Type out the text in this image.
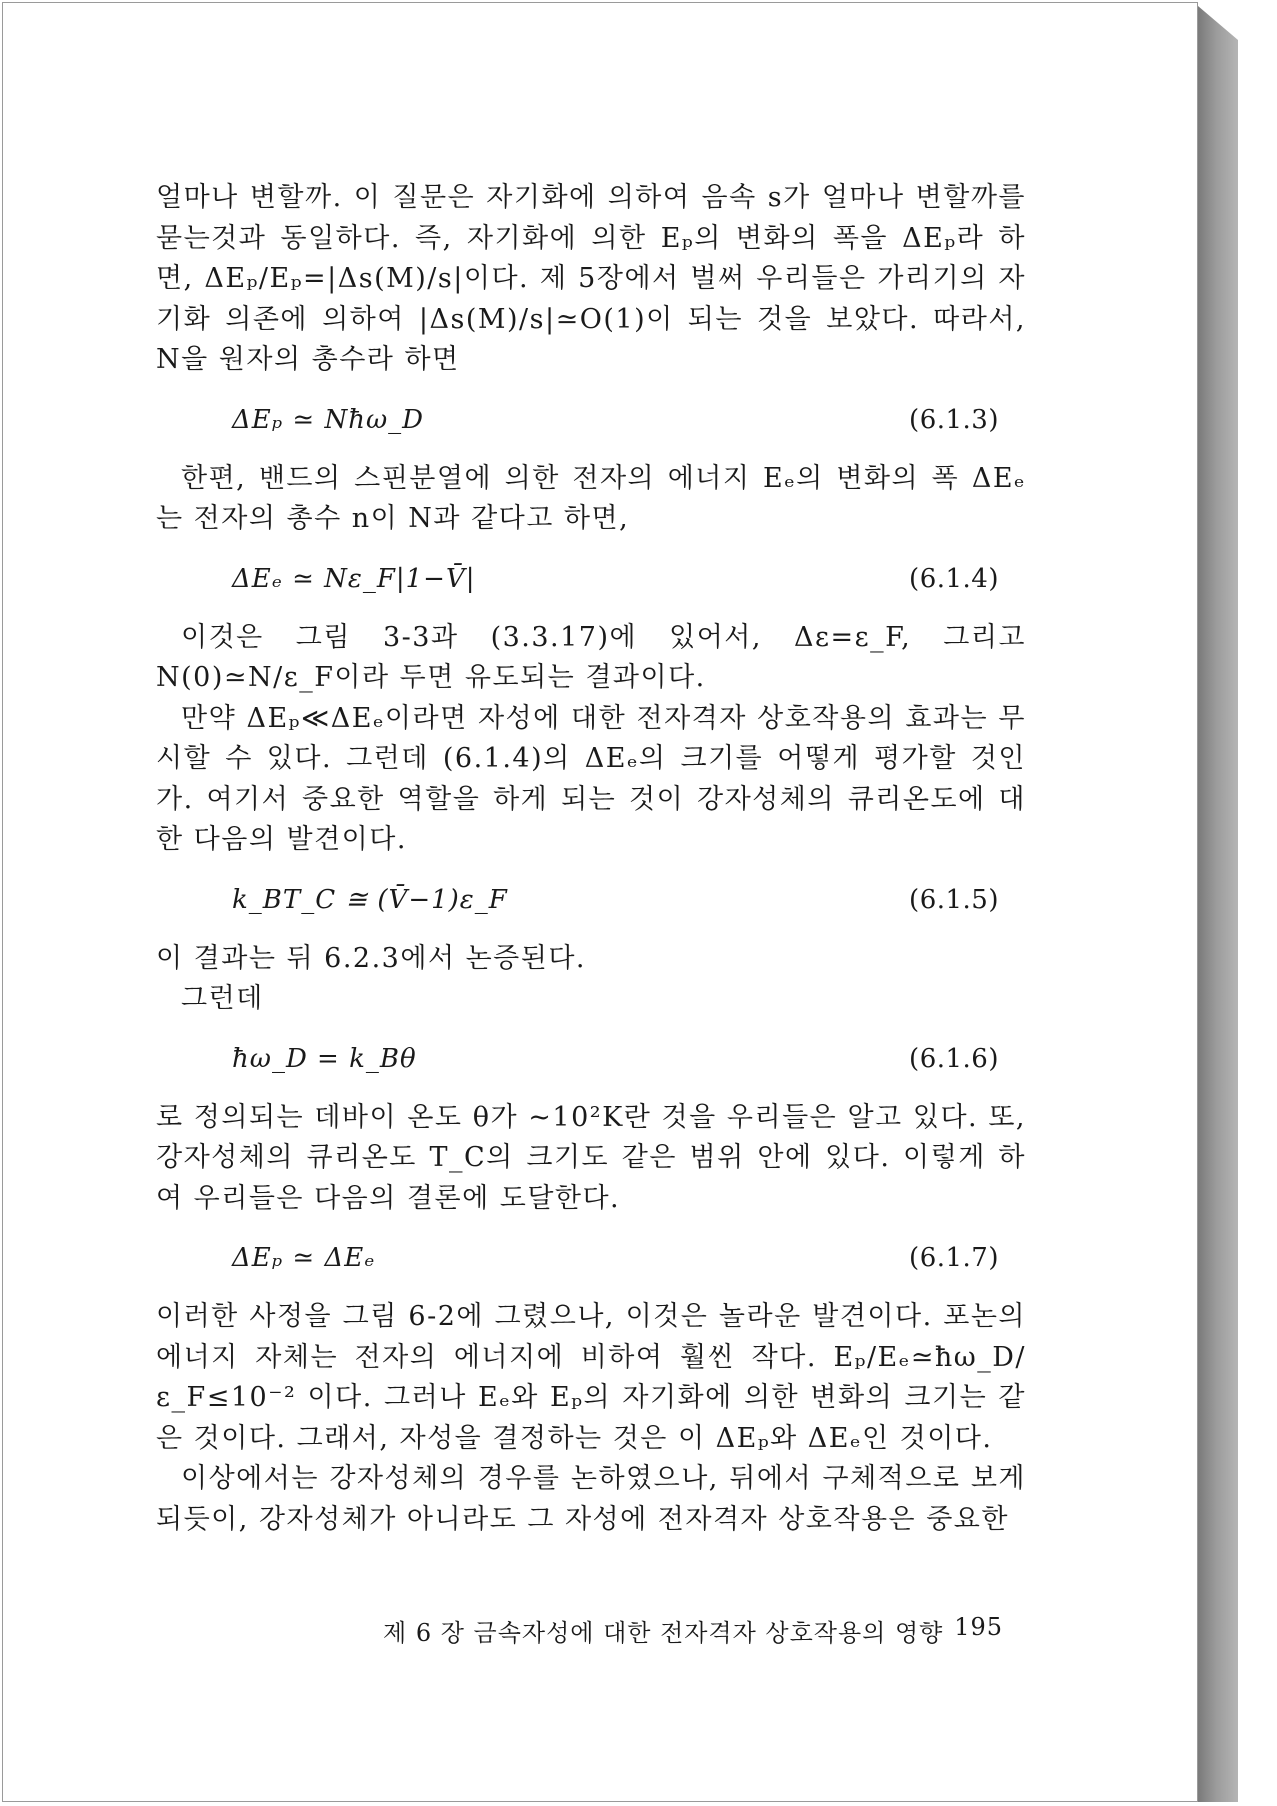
얼마나 변할까. 이 질문은 자기화에 의하여 음속 s가 얼마나 변할까를 묻는것과 동일하다. 즉, 자기화에 의한 Eₚ의 변화의 폭을 ΔEₚ라 하면, ΔEₚ/Eₚ=|Δs(M)/s|이다. 제 5장에서 벌써 우리들은 가리기의 자기화 의존에 의하여 |Δs(M)/s|≃O(1)이 되는 것을 보았다. 따라서, N을 원자의 총수라 하면

ΔEₚ ≃ Nħω_D	(6.1.3)

한편, 밴드의 스핀분열에 의한 전자의 에너지 Eₑ의 변화의 폭 ΔEₑ는 전자의 총수 n이 N과 같다고 하면,

ΔEₑ ≃ Nε_F|1−V̄|	(6.1.4)

이것은 그림 3-3과 (3.3.17)에 있어서, Δε=ε_F, 그리고 N(0)≃N/ε_F이라 두면 유도되는 결과이다.

만약 ΔEₚ≪ΔEₑ이라면 자성에 대한 전자격자 상호작용의 효과는 무시할 수 있다. 그런데 (6.1.4)의 ΔEₑ의 크기를 어떻게 평가할 것인가. 여기서 중요한 역할을 하게 되는 것이 강자성체의 큐리온도에 대한 다음의 발견이다.

k_BT_C ≅ (V̄−1)ε_F	(6.1.5)

이 결과는 뒤 6.2.3에서 논증된다.

그런데

ħω_D = k_Bθ	(6.1.6)

로 정의되는 데바이 온도 θ가 ~10²K란 것을 우리들은 알고 있다. 또, 강자성체의 큐리온도 T_C의 크기도 같은 범위 안에 있다. 이렇게 하여 우리들은 다음의 결론에 도달한다.

ΔEₚ ≃ ΔEₑ	(6.1.7)

이러한 사정을 그림 6-2에 그렸으나, 이것은 놀라운 발견이다. 포논의 에너지 자체는 전자의 에너지에 비하여 훨씬 작다. Eₚ/Eₑ≃ħω_D/ε_F≤10⁻² 이다. 그러나 Eₑ와 Eₚ의 자기화에 의한 변화의 크기는 같은 것이다. 그래서, 자성을 결정하는 것은 이 ΔEₚ와 ΔEₑ인 것이다.

이상에서는 강자성체의 경우를 논하였으나, 뒤에서 구체적으로 보게 되듯이, 강자성체가 아니라도 그 자성에 전자격자 상호작용은 중요한

제 6 장 금속자성에 대한 전자격자 상호작용의 영향 195
